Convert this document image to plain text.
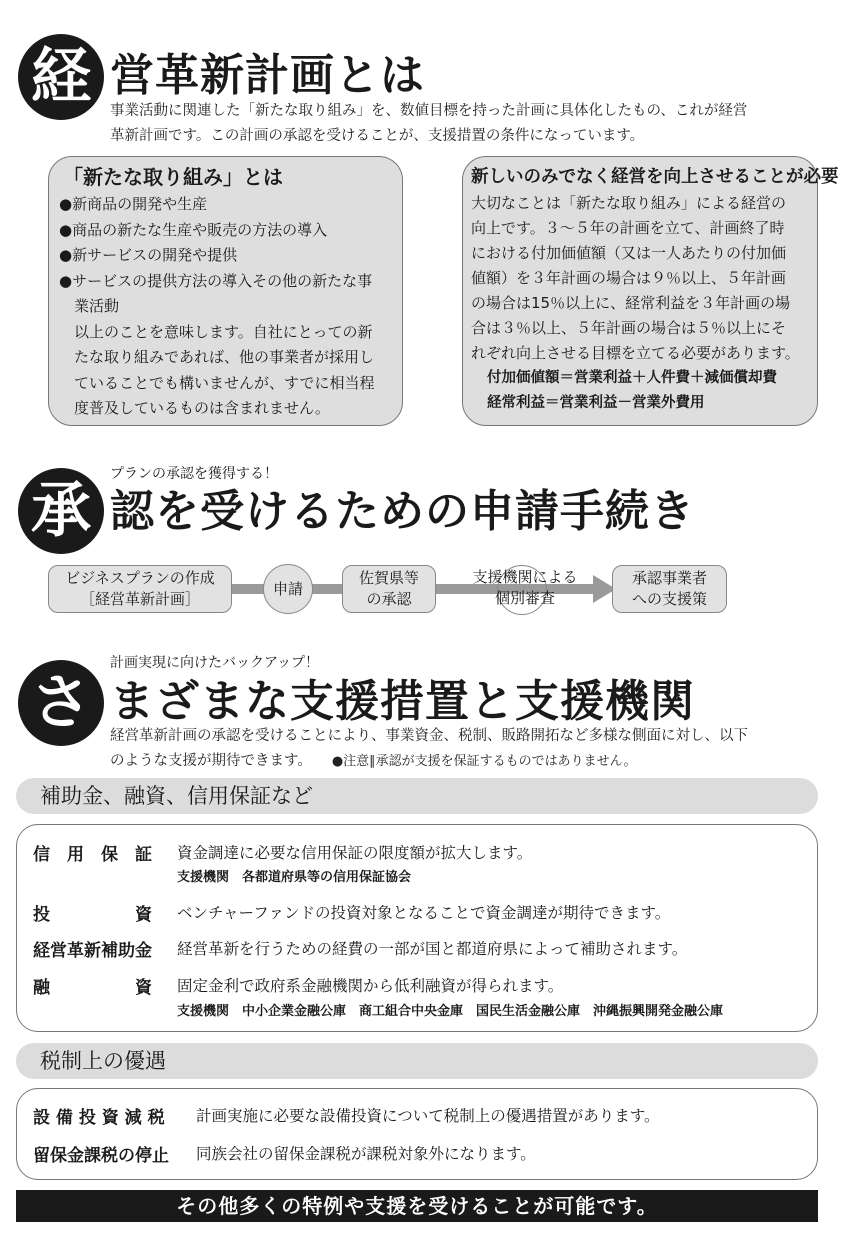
経 営革新計画とは
事業活動に関連した「新たな取り組み」を、数値目標を持った計画に具体化したもの、これが経営
革新計画です。この計画の承認を受けることが、支援措置の条件になっています。
「新たな取り組み」とは
●新商品の開発や生産
●商品の新たな生産や販売の方法の導入
●新サービスの開発や提供
●サービスの提供方法の導入その他の新たな事
　業活動
　以上のことを意味します。自社にとっての新
　たな取り組みであれば、他の事業者が採用し
　ていることでも構いませんが、すでに相当程
　度普及しているものは含まれません。
新しいのみでなく経営を向上させることが必要
大切なことは「新たな取り組み」による経営の
向上です。３～５年の計画を立て、計画終了時
における付加価値額（又は一人あたりの付加価
値額）を３年計画の場合は９％以上、５年計画
の場合は15％以上に、経常利益を３年計画の場
合は３％以上、５年計画の場合は５％以上にそ
れぞれ向上させる目標を立てる必要があります。
付加価値額＝営業利益＋人件費＋減価償却費
経常利益＝営業利益－営業外費用
プランの承認を獲得する！
承 認を受けるための申請手続き
ビジネスプランの作成
［経営革新計画］
申請
佐賀県等
の承認
支援機関による
個別審査
承認事業者
への支援策
計画実現に向けたバックアップ！
さ まざまな支援措置と支援機関
経営革新計画の承認を受けることにより、事業資金、税制、販路開拓など多様な側面に対し、以下
のような支援が期待できます。 ●注意∥承認が支援を保証するものではありません。
補助金、融資、信用保証など
信　用　保　証 資金調達に必要な信用保証の限度額が拡大します。
支援機関　各都道府県等の信用保証協会
投　　　　　資 ベンチャーファンドの投資対象となることで資金調達が期待できます。
経営革新補助金 経営革新を行うための経費の一部が国と都道府県によって補助されます。
融　　　　　資 固定金利で政府系金融機関から低利融資が得られます。
支援機関　中小企業金融公庫　商工組合中央金庫　国民生活金融公庫　沖縄振興開発金融公庫
税制上の優遇
設 備 投 資 減 税 計画実施に必要な設備投資について税制上の優遇措置があります。
留保金課税の停止 同族会社の留保金課税が課税対象外になります。
その他多くの特例や支援を受けることが可能です。
